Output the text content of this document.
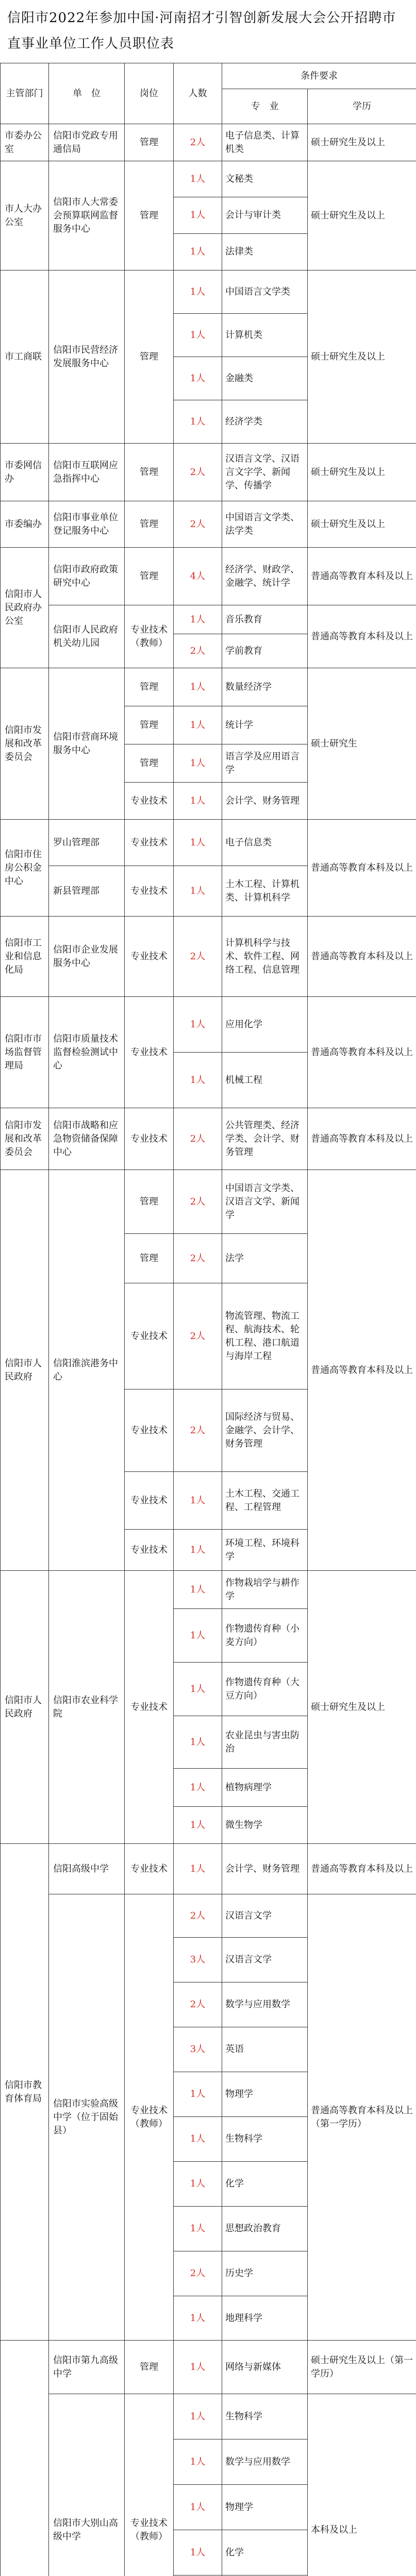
信阳市2022年参加中国·河南招才引智创新发展大会公开招聘市直事业单位工作人员职位表
主管部门	单　位	岗位	人数	条件要求	
				专　业	学历
市委办公室	信阳市党政专用通信局	管理	2人	电子信息类、计算机类	硕士研究生及以上
市人大办公室	信阳市人大常委会预算联网监督服务中心	管理	1人	文秘类	硕士研究生及以上
			1人	会计与审计类	
			1人	法律类	
市工商联	信阳市民营经济发展服务中心	管理	1人	中国语言文学类	硕士研究生及以上
			1人	计算机类	
			1人	金融类	
			1人	经济学类	
市委网信办	信阳市互联网应急指挥中心	管理	2人	汉语言文学、汉语言文字学、新闻学、传播学	硕士研究生及以上
市委编办	信阳市事业单位登记服务中心	管理	2人	中国语言文学类、法学类	硕士研究生及以上
信阳市人民政府办公室	信阳市政府政策研究中心	管理	4人	经济学、财政学、金融学、统计学	普通高等教育本科及以上
	信阳市人民政府机关幼儿园	专业技术（教师）	1人	音乐教育	普通高等教育本科及以上
			2人	学前教育	
信阳市发展和改革委员会	信阳市营商环境服务中心	管理	1人	数量经济学	硕士研究生
		管理	1人	统计学	
		管理	1人	语言学及应用语言学	
		专业技术	1人	会计学、财务管理	
信阳市住房公积金中心	罗山管理部	专业技术	1人	电子信息类	普通高等教育本科及以上
	新县管理部	专业技术	1人	土木工程、计算机类、计算机科学	
信阳市工业和信息化局	信阳市企业发展服务中心	专业技术	2人	计算机科学与技术、软件工程、网络工程、信息管理	普通高等教育本科及以上
信阳市市场监督管理局	信阳市质量技术监督检验测试中心	专业技术	1人	应用化学	普通高等教育本科及以上
			1人	机械工程	
信阳市发展和改革委员会	信阳市战略和应急物资储备保障中心	专业技术	2人	公共管理类、经济学类、会计学、财务管理	普通高等教育本科及以上
信阳市人民政府	信阳淮滨港务中心	管理	2人	中国语言文学类、汉语言文学、新闻学	普通高等教育本科及以上
		管理	2人	法学	
		专业技术	2人	物流管理、物流工程、航海技术、轮机工程、港口航道与海岸工程	
		专业技术	2人	国际经济与贸易、金融学、会计学、财务管理	
		专业技术	1人	土木工程、交通工程、工程管理	
		专业技术	1人	环境工程、环境科学	
信阳市人民政府	信阳市农业科学院	专业技术	1人	作物栽培学与耕作学	硕士研究生及以上
			1人	作物遗传育种（小麦方向）	
			1人	作物遗传育种（大豆方向）	
			1人	农业昆虫与害虫防治	
			1人	植物病理学	
			1人	微生物学	
信阳市教育体育局	信阳高级中学	专业技术	1人	会计学、财务管理	普通高等教育本科及以上
	信阳市实验高级中学（位于固始县）	专业技术（教师）	2人	汉语言文学	普通高等教育本科及以上（第一学历）
			3人	汉语言文学	
			2人	数学与应用数学	
			3人	英语	
			1人	物理学	
			1人	生物科学	
			1人	化学	
			1人	思想政治教育	
			2人	历史学	
			1人	地理科学	
	信阳市第九高级中学	管理	1人	网络与新媒体	硕士研究生及以上（第一学历）
	信阳市大别山高级中学	专业技术（教师）	1人	生物科学	本科及以上
			1人	数学与应用数学	
			1人	物理学	
			1人	化学	
